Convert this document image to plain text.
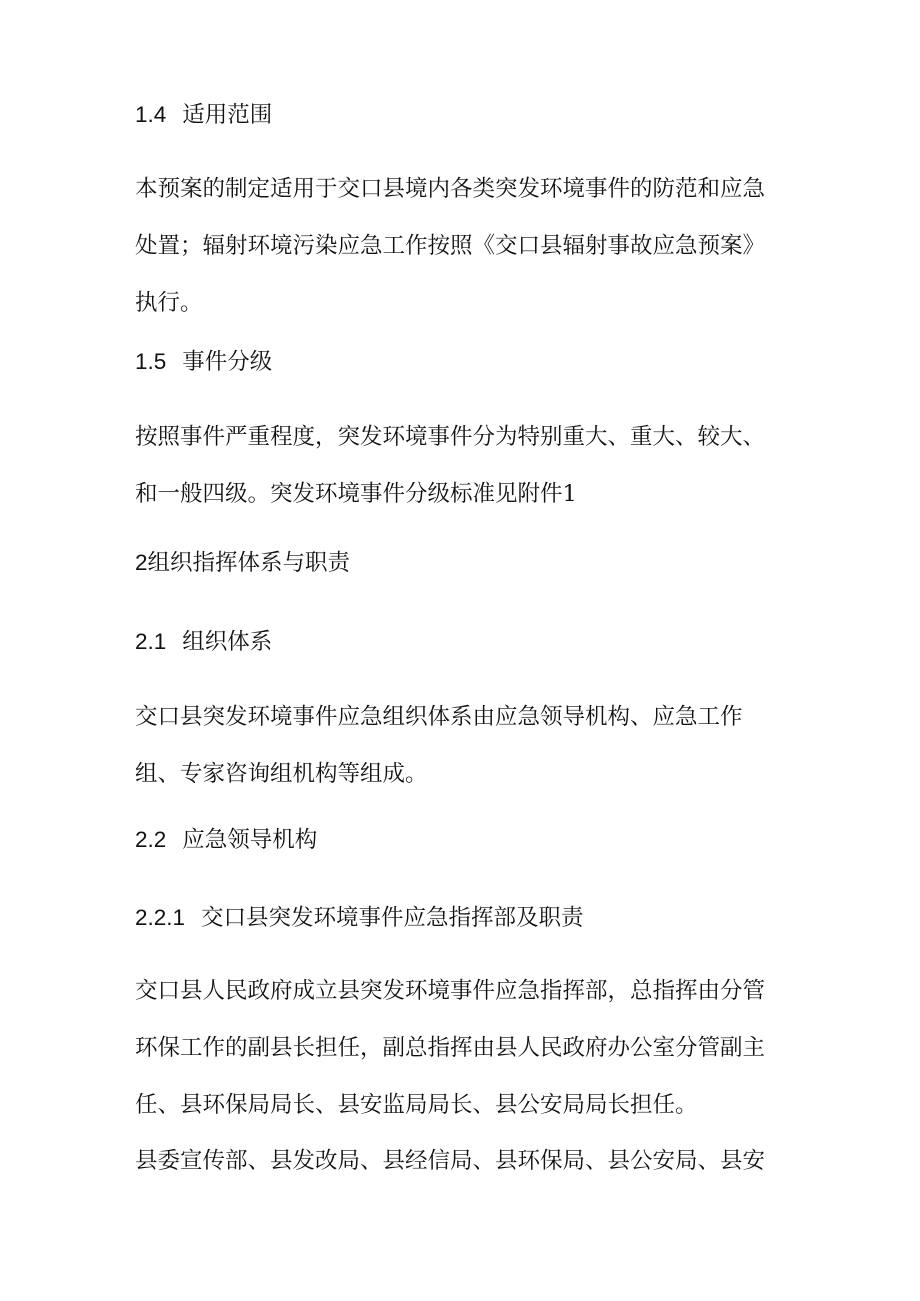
1.4 适用范围
本预案的制定适用于交口县境内各类突发环境事件的防范和应急
处置；辐射环境污染应急工作按照《交口县辐射事故应急预案》
执行。
1.5 事件分级
按照事件严重程度，突发环境事件分为特别重大、重大、较大、
和一般四级。突发环境事件分级标准见附件1
2组织指挥体系与职责
2.1 组织体系
交口县突发环境事件应急组织体系由应急领导机构、应急工作
组、专家咨询组机构等组成。
2.2 应急领导机构
2.2.1 交口县突发环境事件应急指挥部及职责
交口县人民政府成立县突发环境事件应急指挥部，总指挥由分管
环保工作的副县长担任，副总指挥由县人民政府办公室分管副主
任、县环保局局长、县安监局局长、县公安局局长担任。
县委宣传部、县发改局、县经信局、县环保局、县公安局、县安
